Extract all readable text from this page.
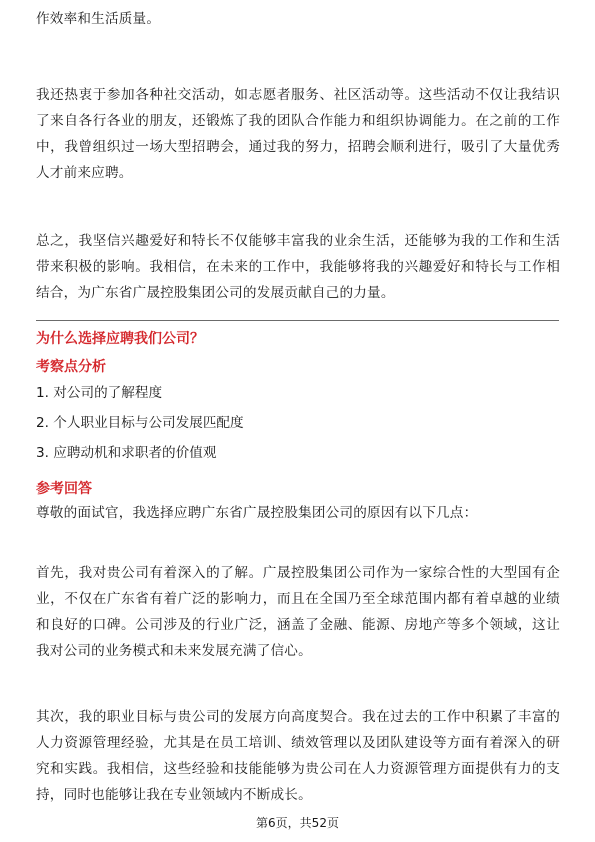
作效率和生活质量。

我还热衷于参加各种社交活动，如志愿者服务、社区活动等。这些活动不仅让我结识了来自各行各业的朋友，还锻炼了我的团队合作能力和组织协调能力。在之前的工作中，我曾组织过一场大型招聘会，通过我的努力，招聘会顺利进行，吸引了大量优秀人才前来应聘。

总之，我坚信兴趣爱好和特长不仅能够丰富我的业余生活，还能够为我的工作和生活带来积极的影响。我相信，在未来的工作中，我能够将我的兴趣爱好和特长与工作相结合，为广东省广晟控股集团公司的发展贡献自己的力量。

为什么选择应聘我们公司？
考察点分析

1. 对公司的了解程度

2. 个人职业目标与公司发展匹配度

3. 应聘动机和求职者的价值观

参考回答

尊敬的面试官，我选择应聘广东省广晟控股集团公司的原因有以下几点：

首先，我对贵公司有着深入的了解。广晟控股集团公司作为一家综合性的大型国有企业，不仅在广东省有着广泛的影响力，而且在全国乃至全球范围内都有着卓越的业绩和良好的口碑。公司涉及的行业广泛，涵盖了金融、能源、房地产等多个领域，这让我对公司的业务模式和未来发展充满了信心。

其次，我的职业目标与贵公司的发展方向高度契合。我在过去的工作中积累了丰富的人力资源管理经验，尤其是在员工培训、绩效管理以及团队建设等方面有着深入的研究和实践。我相信，这些经验和技能能够为贵公司在人力资源管理方面提供有力的支持，同时也能够让我在专业领域内不断成长。

第6页，共52页
